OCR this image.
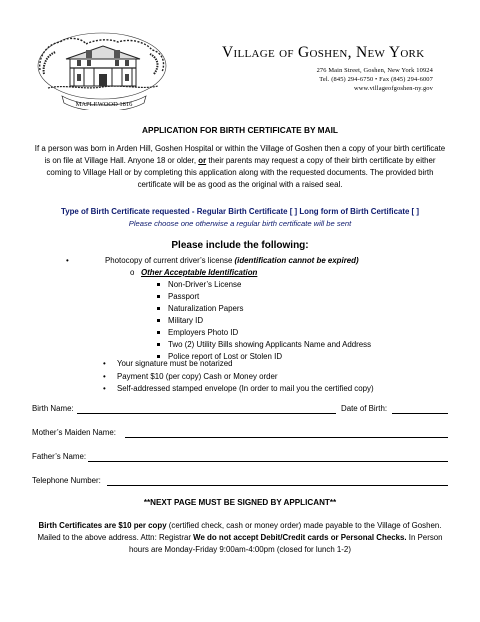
MAPLEWOOD 1816
Village of Goshen, New York
276 Main Street, Goshen, New York 10924
Tel. (845) 294-6750 • Fax (845) 294-6007
www.villageofgoshen-ny.gov
APPLICATION FOR BIRTH CERTIFICATE BY MAIL
If a person was born in Arden Hill, Goshen Hospital or within the Village of Goshen then a copy of your birth certificate is on file at Village Hall. Anyone 18 or older, or their parents may request a copy of their birth certificate by either coming to Village Hall or by completing this application along with the requested documents. The provided birth certificate will be as good as the original with a raised seal.
Type of Birth Certificate requested - Regular Birth Certificate [ ] Long form of Birth Certificate [ ]
Please choose one otherwise a regular birth certificate will be sent
Please include the following:
•	Photocopy of current driver’s license (identification cannot be expired)
o Other Acceptable Identification
Non-Driver’s License
Passport
Naturalization Papers
Military ID
Employers Photo ID
Two (2) Utility Bills showing Applicants Name and Address
Police report of Lost or Stolen ID
• Your signature must be notarized
• Payment $10 (per copy) Cash or Money order
• Self-addressed stamped envelope (In order to mail you the certified copy)
Birth Name:	Date of Birth:
Mother’s Maiden Name:
Father’s Name:
Telephone Number:
**NEXT PAGE MUST BE SIGNED BY APPLICANT**
Birth Certificates are $10 per copy (certified check, cash or money order) made payable to the Village of Goshen. Mailed to the above address. Attn: Registrar We do not accept Debit/Credit cards or Personal Checks. In Person hours are Monday-Friday 9:00am-4:00pm (closed for lunch 1-2)
